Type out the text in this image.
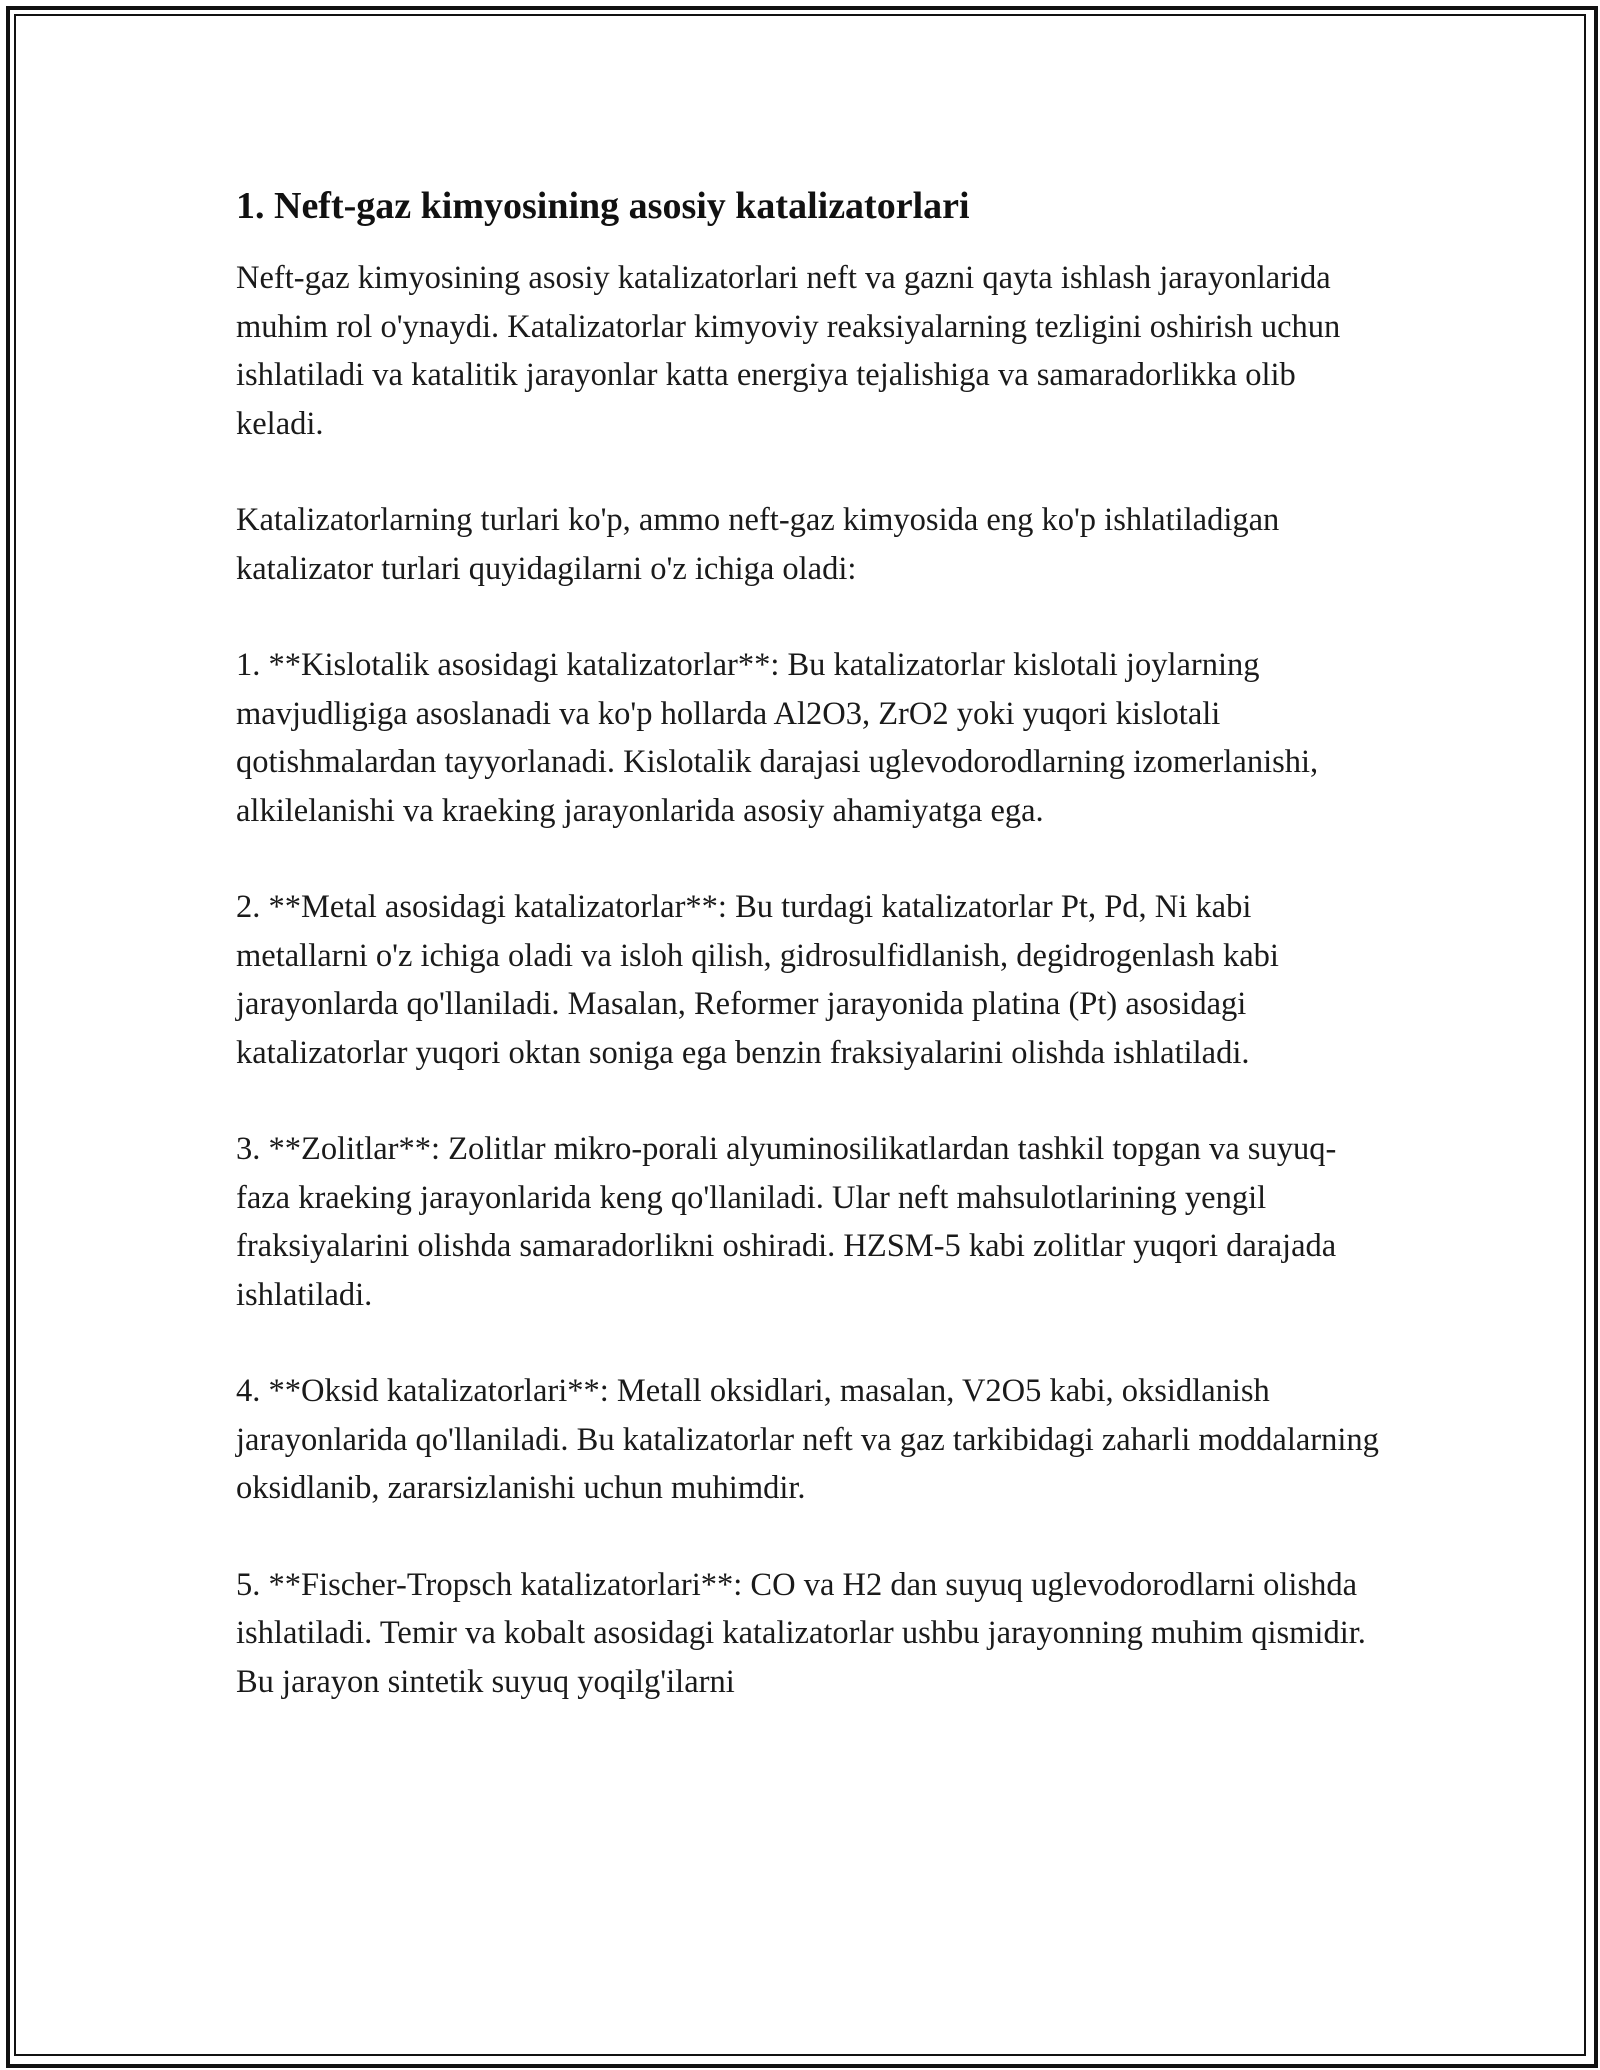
1. Neft-gaz kimyosining asosiy katalizatorlari

Neft-gaz kimyosining asosiy katalizatorlari neft va gazni qayta ishlash jarayonlarida muhim rol o'ynaydi. Katalizatorlar kimyoviy reaksiyalarning tezligini oshirish uchun ishlatiladi va katalitik jarayonlar katta energiya tejalishiga va samaradorlikka olib keladi.

Katalizatorlarning turlari ko'p, ammo neft-gaz kimyosida eng ko'p ishlatiladigan katalizator turlari quyidagilarni o'z ichiga oladi:

1. **Kislotalik asosidagi katalizatorlar**: Bu katalizatorlar kislotali joylarning mavjudligiga asoslanadi va ko'p hollarda Al2O3, ZrO2 yoki yuqori kislotali qotishmalardan tayyorlanadi. Kislotalik darajasi uglevodorodlarning izomerlanishi, alkilelanishi va kraeking jarayonlarida asosiy ahamiyatga ega.

2. **Metal asosidagi katalizatorlar**: Bu turdagi katalizatorlar Pt, Pd, Ni kabi metallarni o'z ichiga oladi va isloh qilish, gidrosulfidlanish, degidrogenlash kabi jarayonlarda qo'llaniladi. Masalan, Reformer jarayonida platina (Pt) asosidagi katalizatorlar yuqori oktan soniga ega benzin fraksiyalarini olishda ishlatiladi.

3. **Zolitlar**: Zolitlar mikro-porali alyuminosilikatlardan tashkil topgan va suyuq-faza kraeking jarayonlarida keng qo'llaniladi. Ular neft mahsulotlarining yengil fraksiyalarini olishda samaradorlikni oshiradi. HZSM-5 kabi zolitlar yuqori darajada ishlatiladi.

4. **Oksid katalizatorlari**: Metall oksidlari, masalan, V2O5 kabi, oksidlanish jarayonlarida qo'llaniladi. Bu katalizatorlar neft va gaz tarkibidagi zaharli moddalarning oksidlanib, zararsizlanishi uchun muhimdir.

5. **Fischer-Tropsch katalizatorlari**: CO va H2 dan suyuq uglevodorodlarni olishda ishlatiladi. Temir va kobalt asosidagi katalizatorlar ushbu jarayonning muhim qismidir. Bu jarayon sintetik suyuq yoqilg'ilarni
